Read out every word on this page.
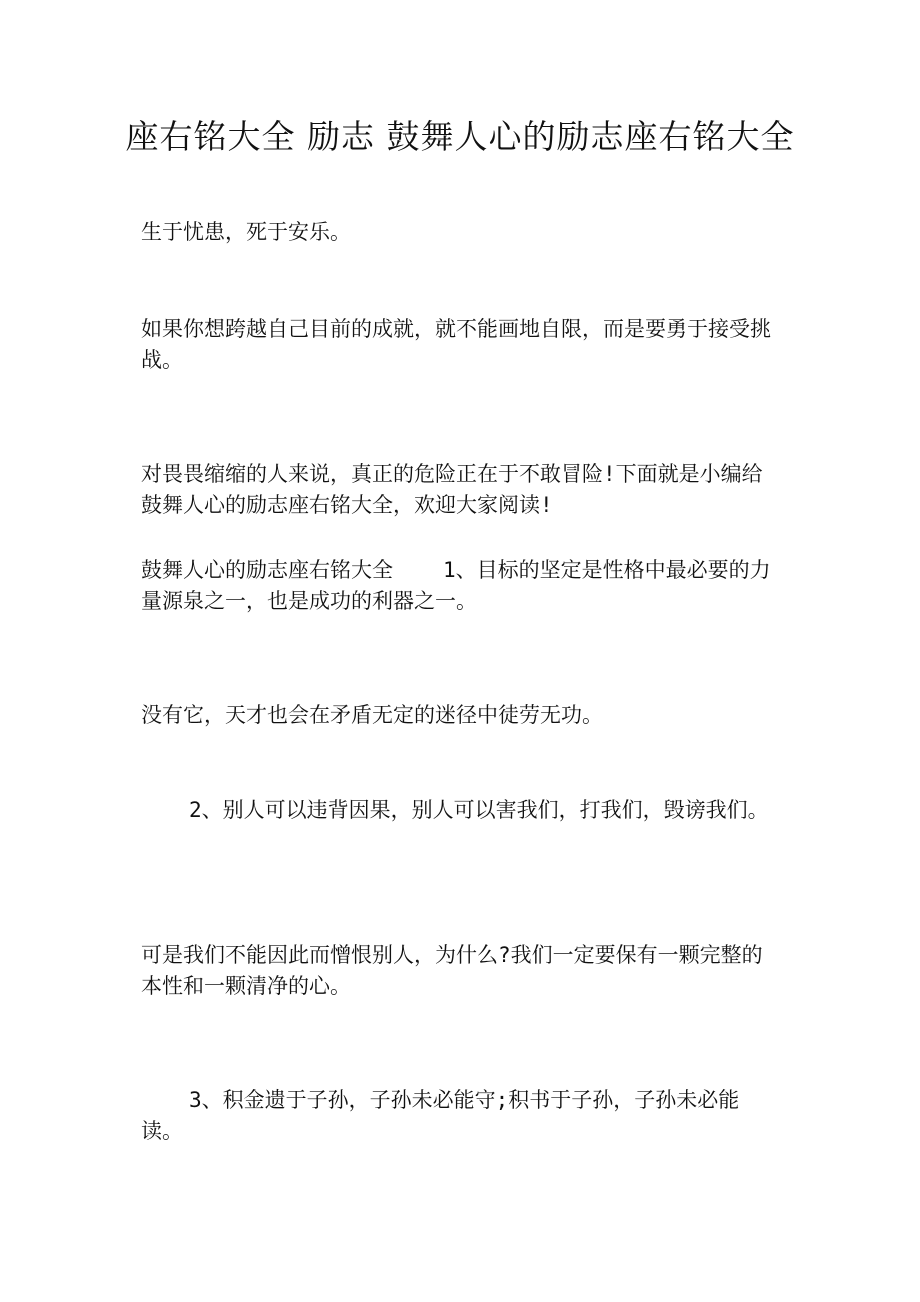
座右铭大全 励志 鼓舞人心的励志座右铭大全

生于忧患，死于安乐。

如果你想跨越自己目前的成就，就不能画地自限，而是要勇于接受挑战。

对畏畏缩缩的人来说，真正的危险正在于不敢冒险!下面就是小编给鼓舞人心的励志座右铭大全，欢迎大家阅读!

鼓舞人心的励志座右铭大全 1、目标的坚定是性格中最必要的力量源泉之一，也是成功的利器之一。

没有它，天才也会在矛盾无定的迷径中徒劳无功。

2、别人可以违背因果，别人可以害我们，打我们，毁谤我们。

可是我们不能因此而憎恨别人，为什么?我们一定要保有一颗完整的本性和一颗清净的心。

3、积金遗于子孙，子孙未必能守;积书于子孙，子孙未必能读。
